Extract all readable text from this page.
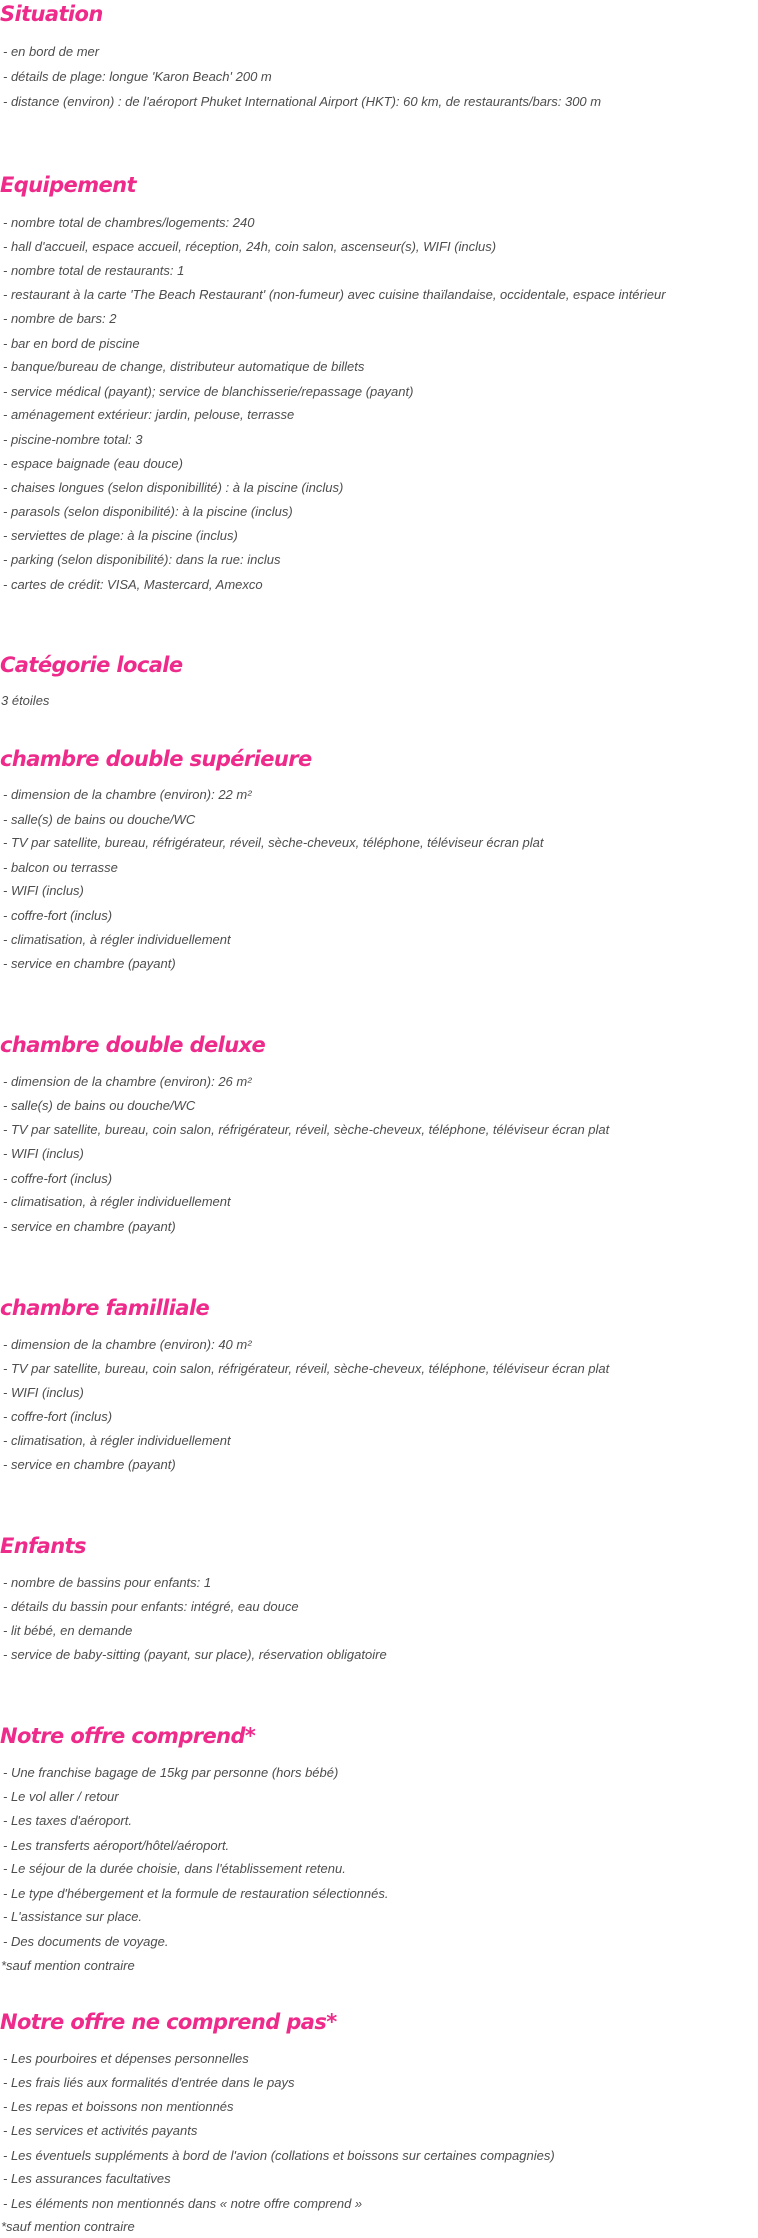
Situation

- en bord de mer

- détails de plage: longue 'Karon Beach' 200 m

- distance (environ) : de l'aéroport Phuket International Airport (HKT): 60 km, de restaurants/bars: 300 m

Equipement

- nombre total de chambres/logements: 240

- hall d'accueil, espace accueil, réception, 24h, coin salon, ascenseur(s), WIFI (inclus)

- nombre total de restaurants: 1

- restaurant à la carte 'The Beach Restaurant' (non-fumeur) avec cuisine thaïlandaise, occidentale, espace intérieur

- nombre de bars: 2

- bar en bord de piscine

- banque/bureau de change, distributeur automatique de billets

- service médical (payant); service de blanchisserie/repassage (payant)

- aménagement extérieur: jardin, pelouse, terrasse

- piscine-nombre total: 3

- espace baignade (eau douce)

- chaises longues (selon disponibillité) : à la piscine (inclus)

- parasols (selon disponibilité): à la piscine (inclus)

- serviettes de plage: à la piscine (inclus)

- parking (selon disponibilité): dans la rue: inclus

- cartes de crédit: VISA, Mastercard, Amexco

Catégorie locale

3 étoiles

chambre double supérieure

- dimension de la chambre (environ): 22 m²

- salle(s) de bains ou douche/WC

- TV par satellite, bureau, réfrigérateur, réveil, sèche-cheveux, téléphone, téléviseur écran plat

- balcon ou terrasse

- WIFI (inclus)

- coffre-fort (inclus)

- climatisation, à régler individuellement

- service en chambre (payant)

chambre double deluxe

- dimension de la chambre (environ): 26 m²

- salle(s) de bains ou douche/WC

- TV par satellite, bureau, coin salon, réfrigérateur, réveil, sèche-cheveux, téléphone, téléviseur écran plat

- WIFI (inclus)

- coffre-fort (inclus)

- climatisation, à régler individuellement

- service en chambre (payant)

chambre familliale

- dimension de la chambre (environ): 40 m²

- TV par satellite, bureau, coin salon, réfrigérateur, réveil, sèche-cheveux, téléphone, téléviseur écran plat

- WIFI (inclus)

- coffre-fort (inclus)

- climatisation, à régler individuellement

- service en chambre (payant)

Enfants

- nombre de bassins pour enfants: 1

- détails du bassin pour enfants: intégré, eau douce

- lit bébé, en demande

- service de baby-sitting (payant, sur place), réservation obligatoire

Notre offre comprend*

- Une franchise bagage de 15kg par personne (hors bébé)

- Le vol aller / retour

- Les taxes d'aéroport.

- Les transferts aéroport/hôtel/aéroport.

- Le séjour de la durée choisie, dans l'établissement retenu.

- Le type d'hébergement et la formule de restauration sélectionnés.

- L'assistance sur place.

- Des documents de voyage.

*sauf mention contraire

Notre offre ne comprend pas*

- Les pourboires et dépenses personnelles

- Les frais liés aux formalités d'entrée dans le pays

- Les repas et boissons non mentionnés

- Les services et activités payants

- Les éventuels suppléments à bord de l'avion (collations et boissons sur certaines compagnies)

- Les assurances facultatives

- Les éléments non mentionnés dans « notre offre comprend »

*sauf mention contraire
